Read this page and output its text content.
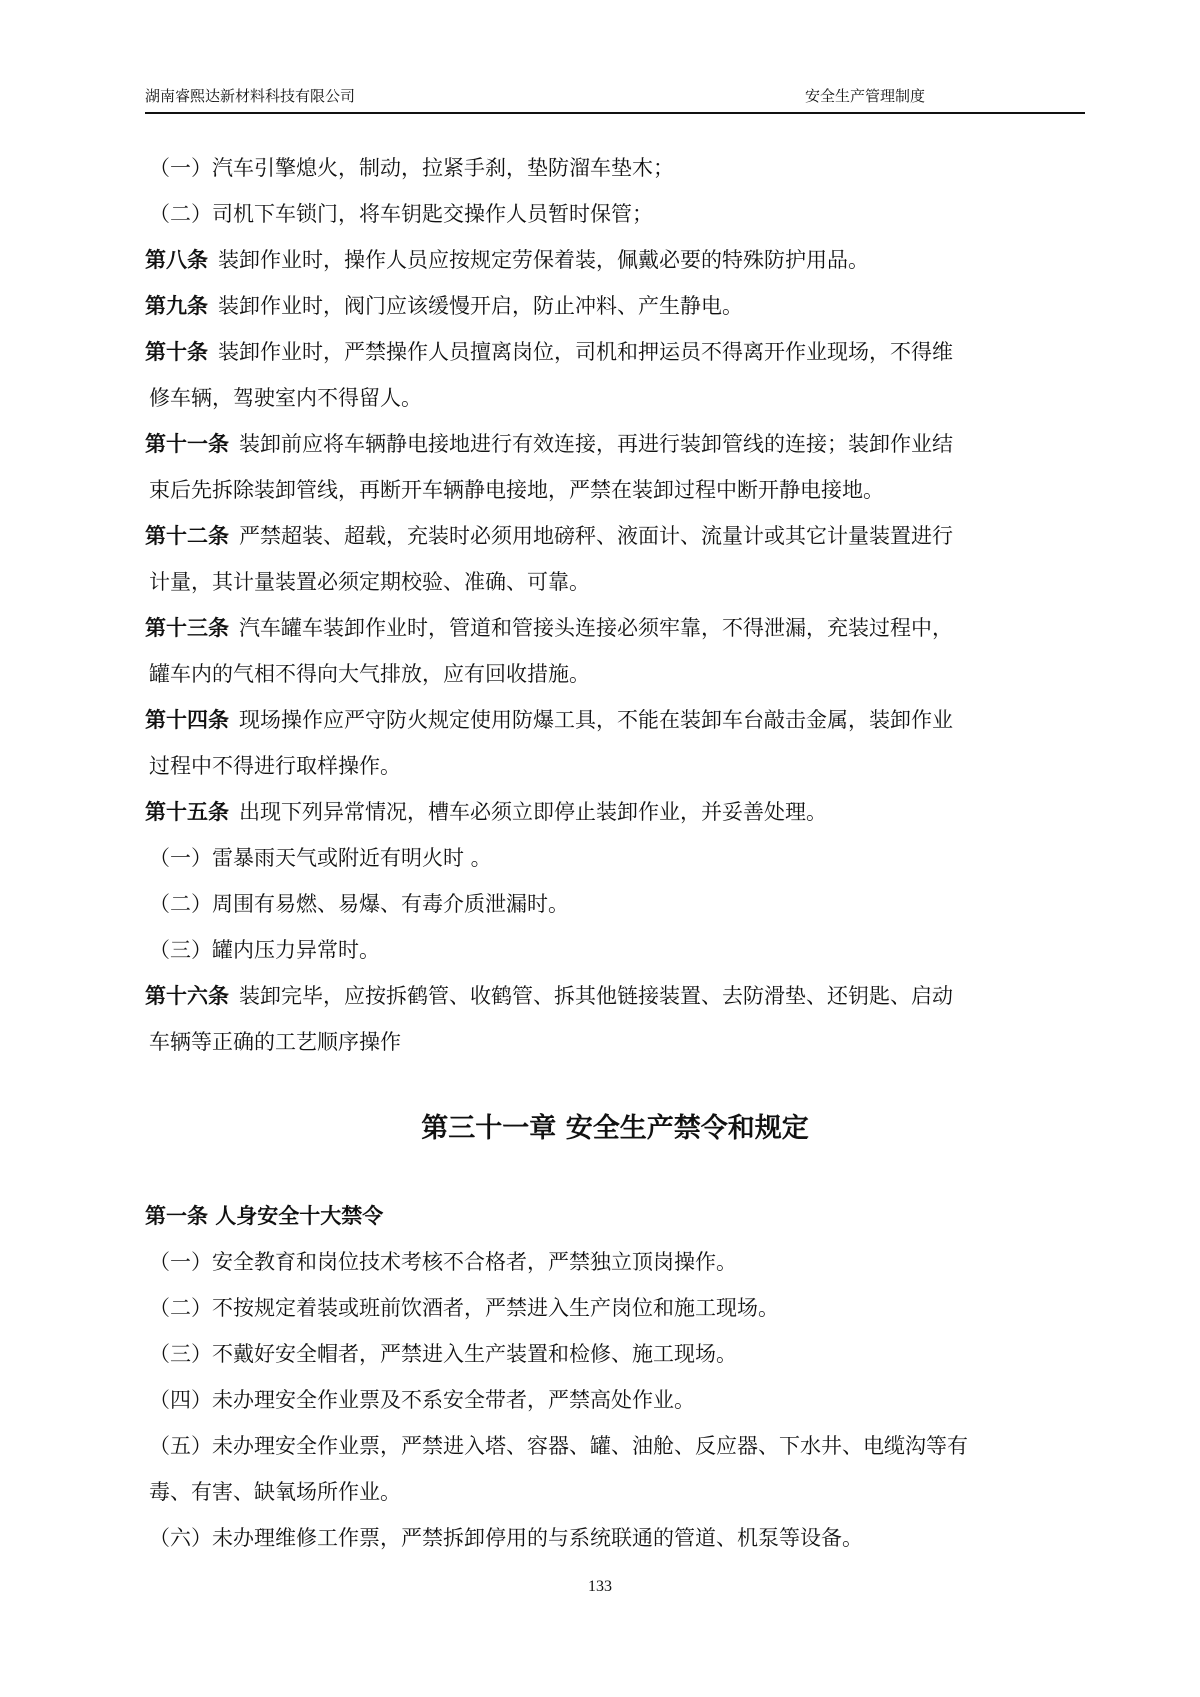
湖南睿熙达新材料科技有限公司	安全生产管理制度
（一）汽车引擎熄火，制动，拉紧手刹，垫防溜车垫木；
（二）司机下车锁门，将车钥匙交操作人员暂时保管；
第八条 装卸作业时，操作人员应按规定劳保着装，佩戴必要的特殊防护用品。
第九条 装卸作业时，阀门应该缓慢开启，防止冲料、产生静电。
第十条 装卸作业时，严禁操作人员擅离岗位，司机和押运员不得离开作业现场，不得维
修车辆，驾驶室内不得留人。
第十一条 装卸前应将车辆静电接地进行有效连接，再进行装卸管线的连接；装卸作业结
束后先拆除装卸管线，再断开车辆静电接地，严禁在装卸过程中断开静电接地。
第十二条 严禁超装、超载，充装时必须用地磅秤、液面计、流量计或其它计量装置进行
计量，其计量装置必须定期校验、准确、可靠。
第十三条 汽车罐车装卸作业时，管道和管接头连接必须牢靠，不得泄漏，充装过程中，
罐车内的气相不得向大气排放，应有回收措施。
第十四条 现场操作应严守防火规定使用防爆工具，不能在装卸车台敲击金属，装卸作业
过程中不得进行取样操作。
第十五条 出现下列异常情况，槽车必须立即停止装卸作业，并妥善处理。
（一）雷暴雨天气或附近有明火时 。
（二）周围有易燃、易爆、有毒介质泄漏时。
（三）罐内压力异常时。
第十六条 装卸完毕，应按拆鹤管、收鹤管、拆其他链接装置、去防滑垫、还钥匙、启动
车辆等正确的工艺顺序操作
第三十一章 安全生产禁令和规定
第一条 人身安全十大禁令
（一）安全教育和岗位技术考核不合格者，严禁独立顶岗操作。
（二）不按规定着装或班前饮酒者，严禁进入生产岗位和施工现场。
（三）不戴好安全帽者，严禁进入生产装置和检修、施工现场。
（四）未办理安全作业票及不系安全带者，严禁高处作业。
（五）未办理安全作业票，严禁进入塔、容器、罐、油舱、反应器、下水井、电缆沟等有
毒、有害、缺氧场所作业。
（六）未办理维修工作票，严禁拆卸停用的与系统联通的管道、机泵等设备。
133
